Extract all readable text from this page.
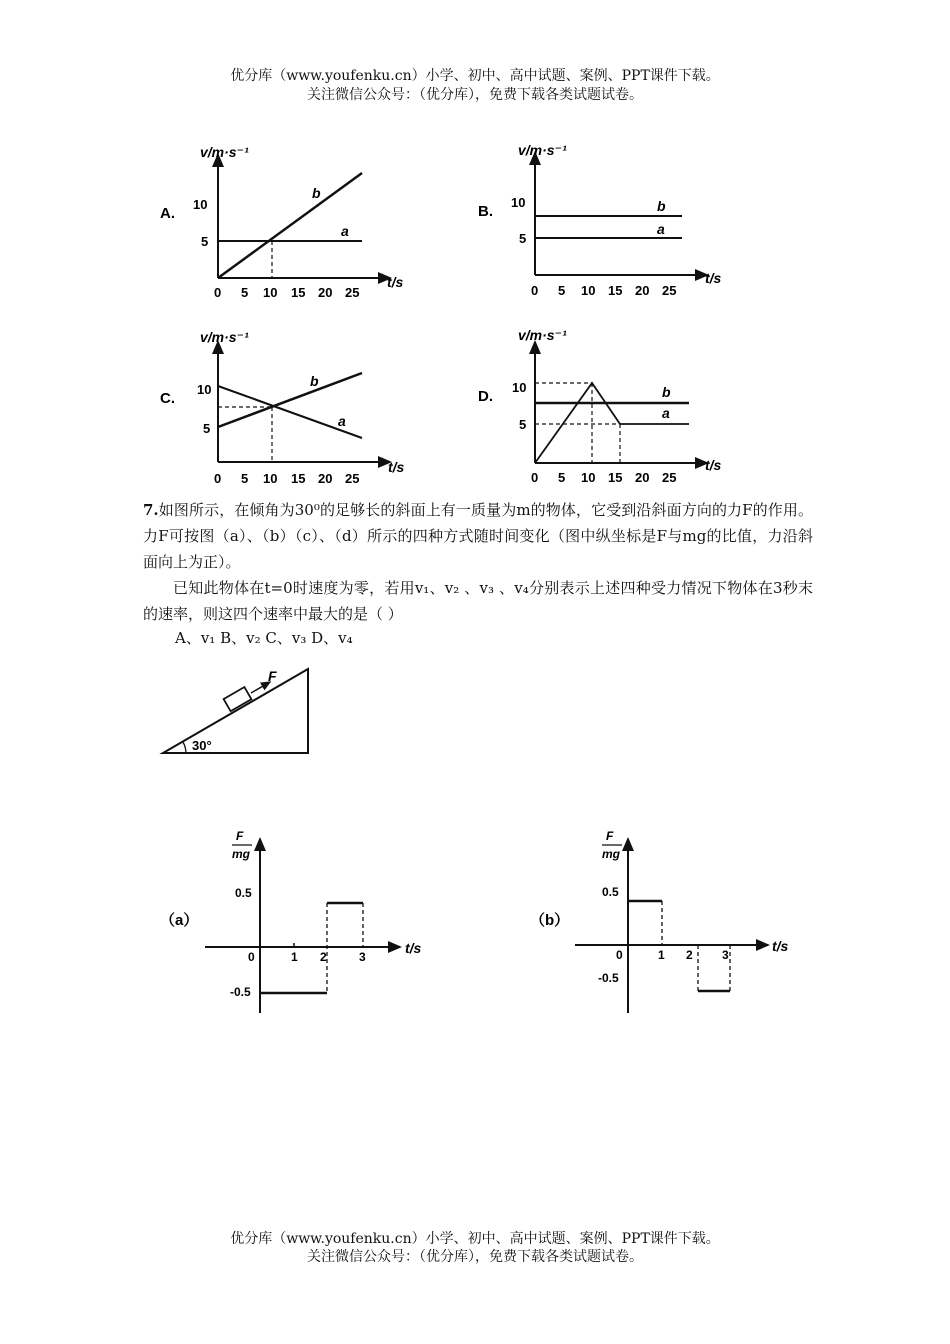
优分库（www.youfenku.cn）小学、初中、高中试题、案例、PPT课件下载。
关注微信公众号：（优分库），免费下载各类试题试卷。
A.
v/m·s⁻¹
t/s
0 5 10 15 20 25
10
5
a
b
B.
v/m·s⁻¹
t/s
0 5 10 15 20 25
10
5
b
a
C.
v/m·s⁻¹
t/s
0 5 10 15 20 25
10
5
b
a
D.
v/m·s⁻¹
t/s
0 5 10 15 20 25
10
5
b
a
7.如图所示，在倾角为30⁰的足够长的斜面上有一质量为m的物体，它受到沿斜面方向的力F的作用。力F可按图（a）、（b）（c）、（d）所示的四种方式随时间变化（图中纵坐标是F与mg的比值，力沿斜面向上为正）。
已知此物体在t=0时速度为零，若用v₁、v₂ 、v₃ 、v₄分别表示上述四种受力情况下物体在3秒末的速率，则这四个速率中最大的是（ ）
A、v₁ B、v₂ C、v₃ D、v₄
30°
F
（a）
F
mg
t/s
0.5
-0.5
0	1 2	3
（b）
F
mg
t/s
0.5
-0.5
0	1 2 3
优分库（www.youfenku.cn）小学、初中、高中试题、案例、PPT课件下载。
关注微信公众号：（优分库），免费下载各类试题试卷。
